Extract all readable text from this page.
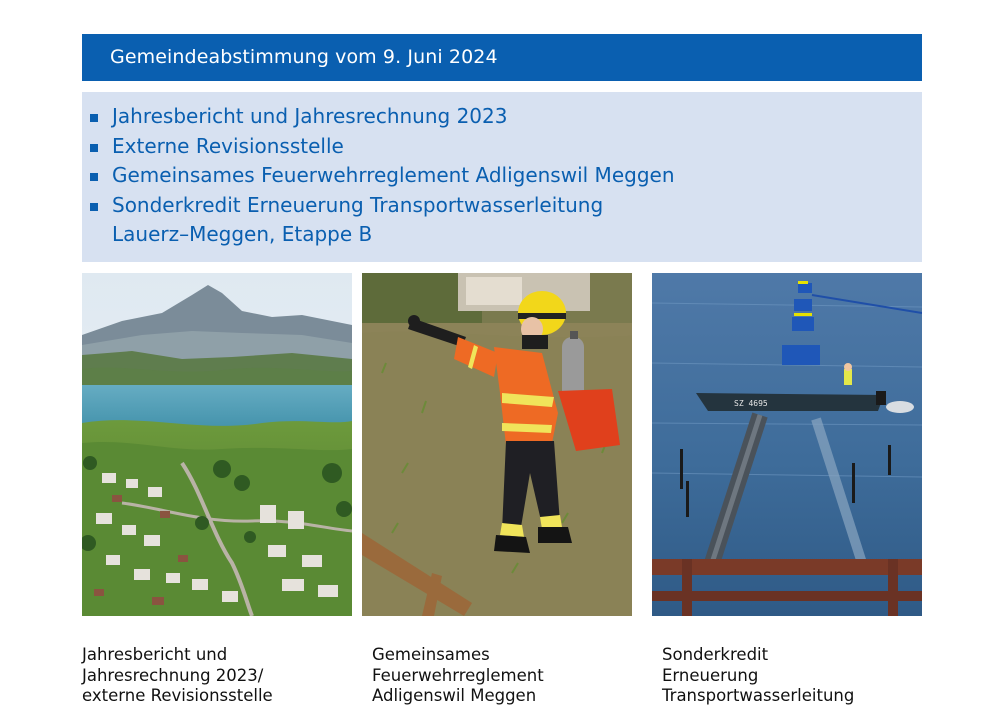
Gemeindeabstimmung vom 9. Juni 2024
Jahresbericht und Jahresrechnung 2023
Externe Revisionsstelle
Gemeinsames Feuerwehrreglement Adligenswil Meggen
Sonderkredit Erneuerung Transportwasserleitung
Lauerz–Meggen, Etappe B
SZ 4695
Jahresbericht und
Jahresrechnung 2023/
externe Revisionsstelle
Gemeinsames
Feuerwehrreglement
Adligenswil Meggen
Sonderkredit
Erneuerung
Transportwasserleitung
